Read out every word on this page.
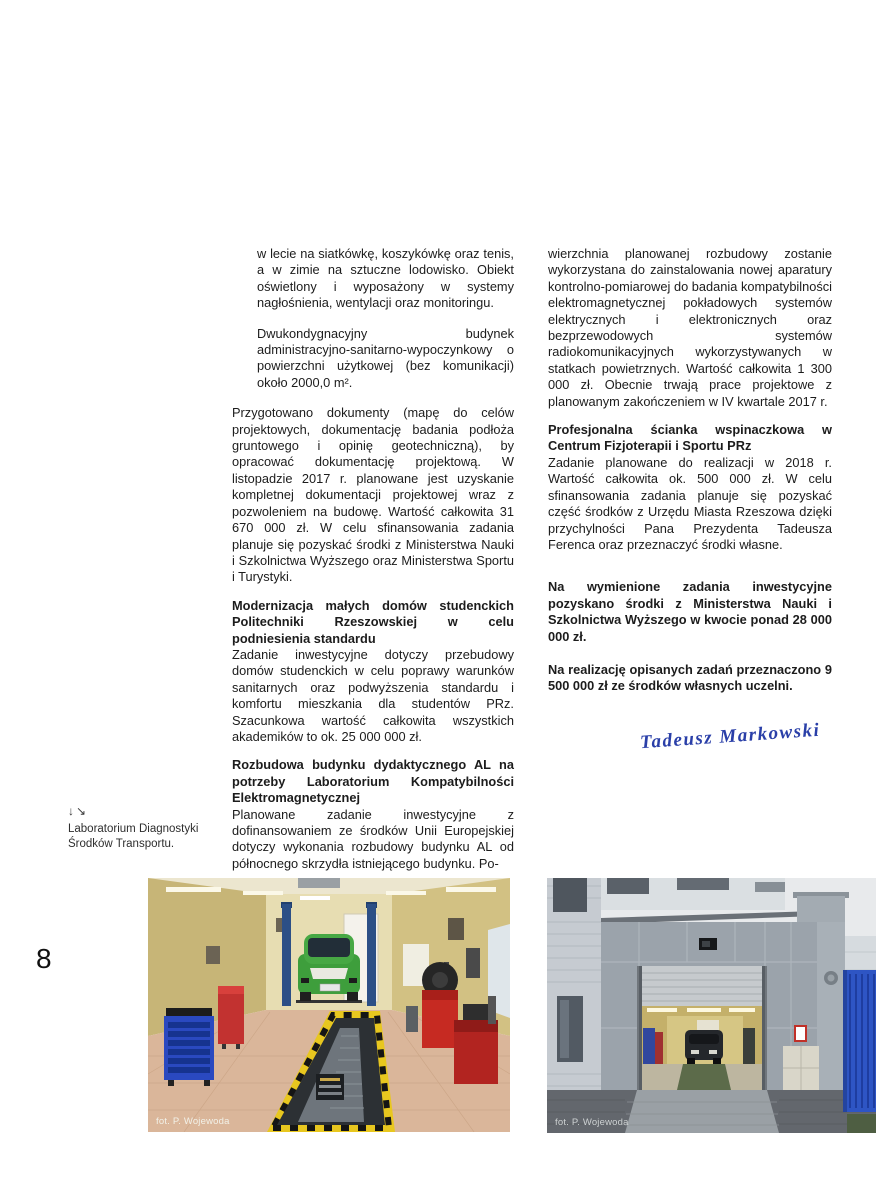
↓↘
Laboratorium Diagnostyki
Środków Transportu.
8

w lecie na siatkówkę, koszykówkę oraz tenis, a w zimie na sztuczne lodowisko. Obiekt oświetlony i wyposażony w systemy nagłośnienia, wentylacji oraz monitoringu.

Dwukondygnacyjny budynek administracyjno-sanitarno-wypoczynkowy o powierzchni użytkowej (bez komunikacji) około 2000,0 m².

Przygotowano dokumenty (mapę do celów projektowych, dokumentację badania podłoża gruntowego i opinię geotechniczną), by opracować dokumentację projektową. W listopadzie 2017 r. planowane jest uzyskanie kompletnej dokumentacji projektowej wraz z pozwoleniem na budowę. Wartość całkowita 31 670 000 zł. W celu sfinansowania zadania planuje się pozyskać środki z Ministerstwa Nauki i Szkolnictwa Wyższego oraz Ministerstwa Sportu i Turystyki.

Modernizacja małych domów studenckich Politechniki Rzeszowskiej w celu podniesienia standardu

Zadanie inwestycyjne dotyczy przebudowy domów studenckich w celu poprawy warunków sanitarnych oraz podwyższenia standardu i komfortu mieszkania dla studentów PRz. Szacunkowa wartość całkowita wszystkich akademików to ok. 25 000 000 zł.

Rozbudowa budynku dydaktycznego AL na potrzeby Laboratorium Kompatybilności Elektromagnetycznej

Planowane zadanie inwestycyjne z dofinansowaniem ze środków Unii Europejskiej dotyczy wykonania rozbudowy budynku AL od północnego skrzydła istniejącego budynku. Po-

wierzchnia planowanej rozbudowy zostanie wykorzystana do zainstalowania nowej aparatury kontrolno-pomiarowej do badania kompatybilności elektromagnetycznej pokładowych systemów elektrycznych i elektronicznych oraz bezprzewodowych systemów radiokomunikacyjnych wykorzystywanych w statkach powietrznych. Wartość całkowita 1 300 000 zł. Obecnie trwają prace projektowe z planowanym zakończeniem w IV kwartale 2017 r.

Profesjonalna ścianka wspinaczkowa w Centrum Fizjoterapii i Sportu PRz

Zadanie planowane do realizacji w 2018 r. Wartość całkowita ok. 500 000 zł. W celu sfinansowania zadania planuje się pozyskać część środków z Urzędu Miasta Rzeszowa dzięki przychylności Pana Prezydenta Tadeusza Ferenca oraz przeznaczyć środki własne.

Na wymienione zadania inwestycyjne pozyskano środki z Ministerstwa Nauki i Szkolnictwa Wyższego w kwocie ponad 28 000 000 zł.

Na realizację opisanych zadań przeznaczono 9 500 000 zł ze środków własnych uczelni.

Tadeusz Markowski
fot. P. Wojewoda	fot. P. Wojewoda
